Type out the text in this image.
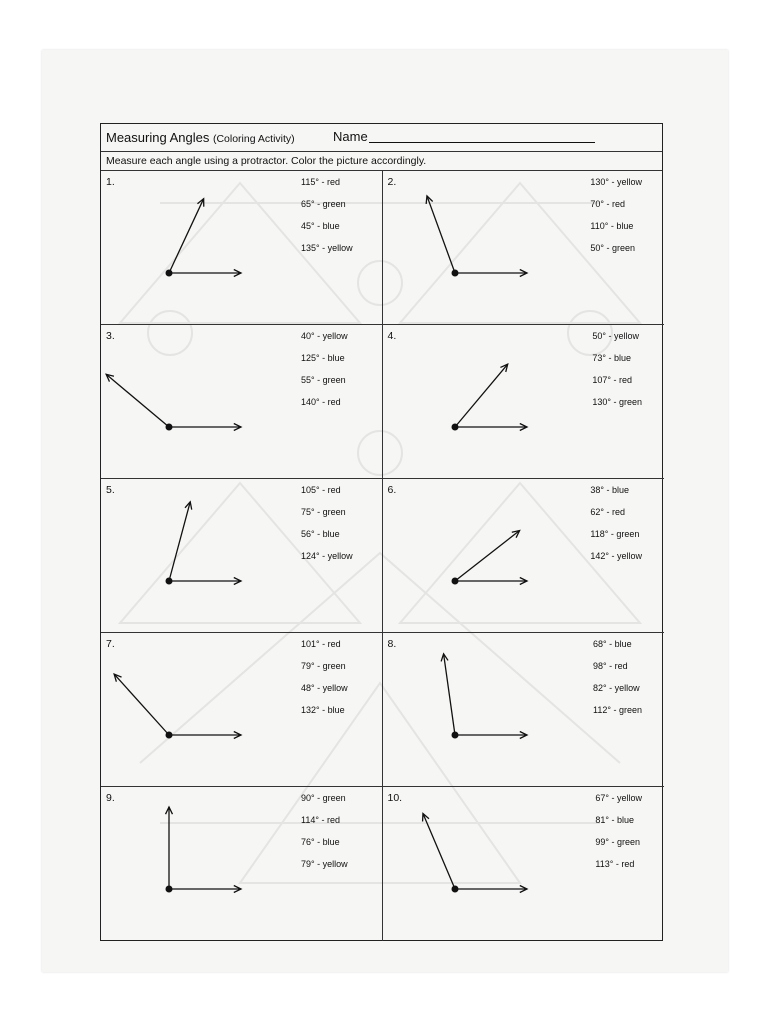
Measuring Angles (Coloring Activity)	Name
Measure each angle using a protractor. Color the picture accordingly.
1.	115° - red
65° - green
45° - blue
135° - yellow
2.	130° - yellow
70° - red
110° - blue
50° - green
3.	40° - yellow
125° - blue
55° - green
140° - red
4.	50° - yellow
73° - blue
107° - red
130° - green
5.	105° - red
75° - green
56° - blue
124° - yellow
6.	38° - blue
62° - red
118° - green
142° - yellow
7.	101° - red
79° - green
48° - yellow
132° - blue
8.	68° - blue
98° - red
82° - yellow
112° - green
9.	90° - green
114° - red
76° - blue
79° - yellow
10.	67° - yellow
81° - blue
99° - green
113° - red
